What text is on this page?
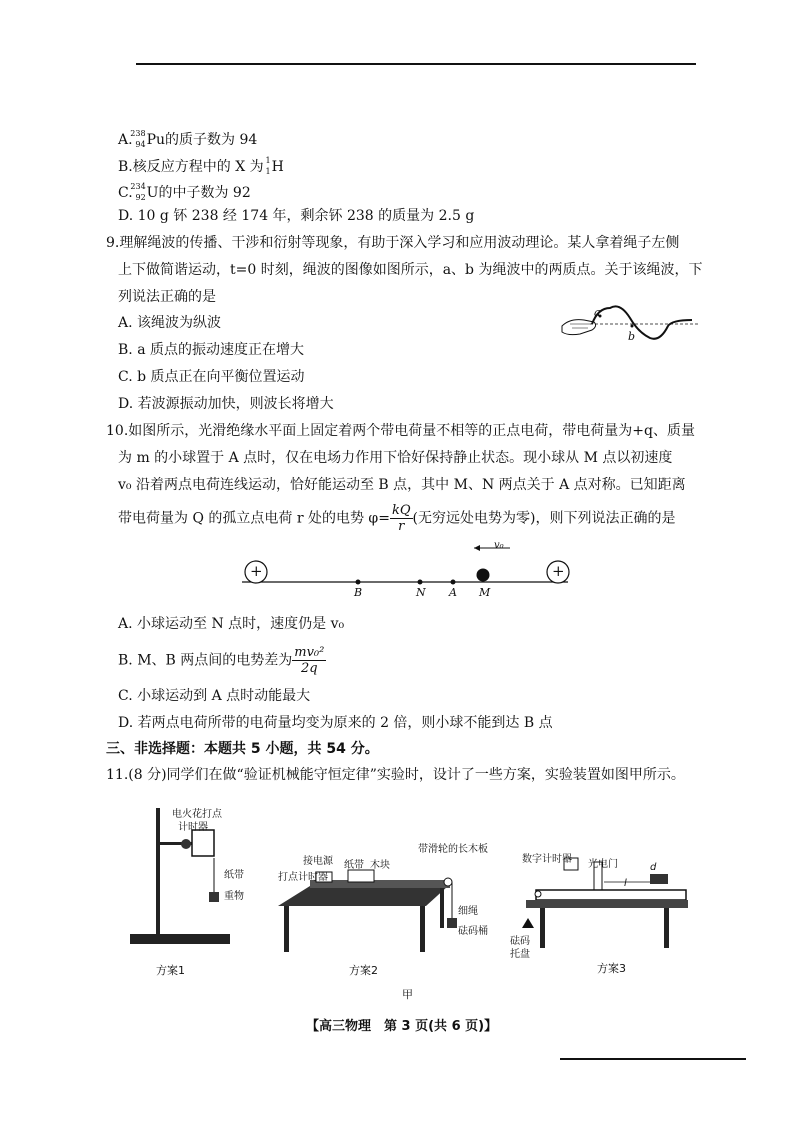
A.
238
94 Pu的质子数为 94
B.核反应方程中的 X 为 1
1 H
C.
234
92 U的中子数为 92
D. 10 g 钚 238 经 174 年，剩余钚 238 的质量为 2.5 g
9.理解绳波的传播、干涉和衍射等现象，有助于深入学习和应用波动理论。某人拿着绳子左侧
上下做简谐运动，t=0 时刻，绳波的图像如图所示，a、b 为绳波中的两质点。关于该绳波，下
列说法正确的是
A. 该绳波为纵波
B. a 质点的振动速度正在增大
C. b 质点正在向平衡位置运动
D. 若波源振动加快，则波长将增大
a
b
10.如图所示，光滑绝缘水平面上固定着两个带电荷量不相等的正点电荷，带电荷量为+q、质量
为 m 的小球置于 A 点时，仅在电场力作用下恰好保持静止状态。现小球从 M 点以初速度
v₀ 沿着两点电荷连线运动，恰好能运动至 B 点，其中 M、N 两点关于 A 点对称。已知距离
带电荷量为 Q 的孤立点电荷 r 处的电势 $\varphi= \frac{kQ}{r}$ (无穷远处电势为零)，则下列说法正确的是
+	+
v₀
B	N A M
A. 小球运动至 N 点时，速度仍是 v₀
B. M、B 两点间的电势差为 $\frac{\text{mv₀²}}{2q}$
C. 小球运动到 A 点时动能最大
D. 若两点电荷所带的电荷量均变为原来的 2 倍，则小球不能到达 B 点
三、非选择题：本题共 5 小题，共 54 分。
11.(8 分)同学们在做“验证机械能守恒定律”实验时，设计了一些方案，实验装置如图甲所示。
电火花打点
计时器
纸带
重物
方案1
接电源 纸带 木块
带滑轮的长木板
打点计时器
细绳
砝码桶
方案2
数字计时器 光电门	d
l
砝码
托盘
方案3
甲
【高三物理　第 3 页(共 6 页)】
